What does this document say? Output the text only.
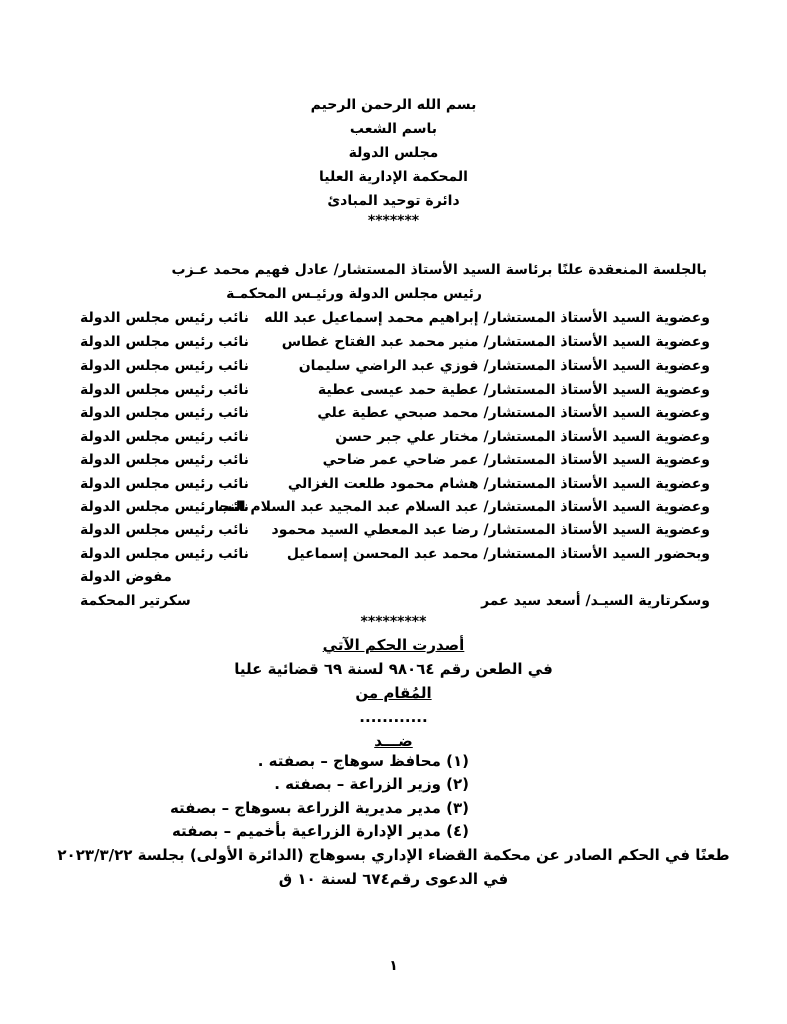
بسم الله الرحمن الرحيم
باسم الشعب
مجلس الدولة
المحكمة الإدارية العليا
دائرة توحيد المبادئ
*******
بالجلسة المنعقدة علنًا برئاسة السيد الأستاذ المستشار/ عادل فهيم محمد عـزب
رئيس مجلس الدولة ورئيـس المحكمـة
وعضوية السيد الأستاذ المستشار/ إبراهيم محمد إسماعيل عبد الله
نائب رئيس مجلس الدولة
وعضوية السيد الأستاذ المستشار/ منير محمد عبد الفتاح غطاس
نائب رئيس مجلس الدولة
وعضوية السيد الأستاذ المستشار/ فوزي عبد الراضي سليمان
نائب رئيس مجلس الدولة
وعضوية السيد الأستاذ المستشار/ عطية حمد عيسى عطية
نائب رئيس مجلس الدولة
وعضوية السيد الأستاذ المستشار/ محمد صبحي عطية علي
نائب رئيس مجلس الدولة
وعضوية السيد الأستاذ المستشار/ مختار علي جبر حسن
نائب رئيس مجلس الدولة
وعضوية السيد الأستاذ المستشار/ عمر ضاحي عمر ضاحي
نائب رئيس مجلس الدولة
وعضوية السيد الأستاذ المستشار/ هشام محمود طلعت الغزالي
نائب رئيس مجلس الدولة
وعضوية السيد الأستاذ المستشار/ عبد السلام عبد المجيد عبد السلام النجار
نائب رئيس مجلس الدولة
وعضوية السيد الأستاذ المستشار/ رضا عبد المعطي السيد محمود
نائب رئيس مجلس الدولة
وبحضور السيد الأستاذ المستشار/ محمد عبد المحسن إسماعيل
نائب رئيس مجلس الدولة
مفوض الدولة
وسكرتارية السيـد/ أسعد سيد عمر
سكرتير المحكمة
*********
أصدرت الحكم الآتي
في الطعن رقم ٩٨٠٦٤ لسنة ٦٩ قضائية عليا
المُقام من
............
ضـــد
(١) محافظ سوهاج – بصفته .
(٢) وزير الزراعة – بصفته .
(٣) مدير مديرية الزراعة بسوهاج – بصفته
(٤) مدير الإدارة الزراعية بأخميم – بصفته
طعنًا في الحكم الصادر عن محكمة القضاء الإداري بسوهاج (الدائرة الأولى) بجلسة ٢٠٢٣/٣/٢٢
في الدعوى رقم٦٧٤ لسنة ١٠ ق
١
